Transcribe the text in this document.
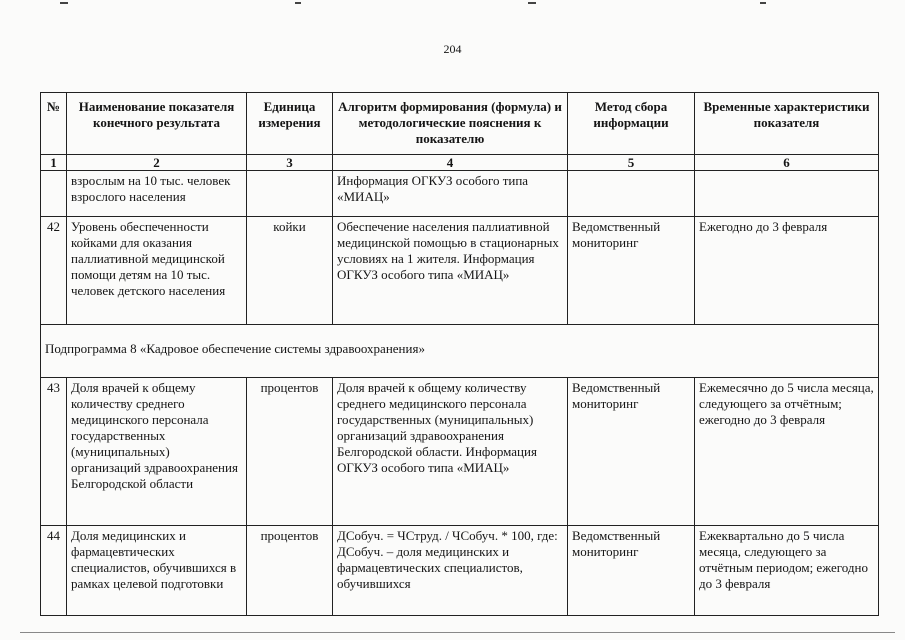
204
№	Наименование показателя конечного результата	Единица измерения	Алгоритм формирования (формула) и методологические пояснения к показателю	Метод сбора информации	Временные характеристики показателя
1	2	3	4	5	6
	взрослым на 10 тыс. человек взрослого населения		Информация ОГКУЗ особого типа «МИАЦ»		
42	Уровень обеспеченности койками для оказания паллиативной медицинской помощи детям на 10 тыс. человек детского населения	койки	Обеспечение населения паллиативной медицинской помощью в стационарных условиях на 1 жителя. Информация ОГКУЗ особого типа «МИАЦ»	Ведомственный мониторинг	Ежегодно до 3 февраля
Подпрограмма 8 «Кадровое обеспечение системы здравоохранения»					
43	Доля врачей к общему количеству среднего медицинского персонала государственных (муниципальных) организаций здравоохранения Белгородской области	процентов	Доля врачей к общему количеству среднего медицинского персонала государственных (муниципальных) организаций здравоохранения Белгородской области. Информация ОГКУЗ особого типа «МИАЦ»	Ведомственный мониторинг	Ежемесячно до 5 числа месяца, следующего за отчётным; ежегодно до 3 февраля
44	Доля медицинских и фармацевтических специалистов, обучившихся в рамках целевой подготовки	процентов	ДСобуч. = ЧСтруд. / ЧСобуч. * 100, где: ДСобуч. – доля медицинских и фармацевтических специалистов, обучившихся	Ведомственный мониторинг	Ежеквартально до 5 числа месяца, следующего за отчётным периодом; ежегодно до 3 февраля
